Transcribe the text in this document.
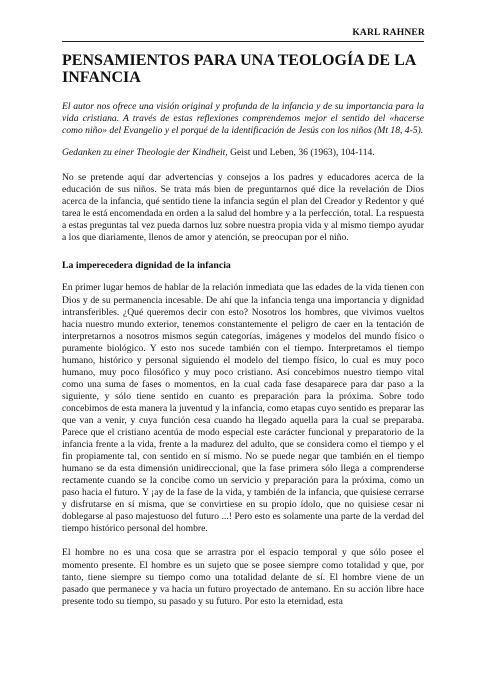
KARL RAHNER
PENSAMIENTOS PARA UNA TEOLOGÍA DE LA INFANCIA

El autor nos ofrece una visión original y profunda de la infancia y de su importancia para la vida cristiana. A través de estas reflexiones comprendemos mejor el sentido del «hacerse como niño» del Evangelio y el porqué de la identificación de Jesús con los niños (Mt 18, 4-5).

Gedanken zu einer Theologie der Kindheit, Geist und Leben, 36 (1963), 104-114.

No se pretende aquí dar advertencias y consejos a los padres y educadores acerca de la educación de sus niños. Se trata más bien de preguntarnos qué dice la revelación de Dios acerca de la infancia, qué sentido tiene la infancia según el plan del Creador y Redentor y qué tarea le está encomendada en orden a la salud del hombre y a la perfección, total. La respuesta a estas preguntas tal vez pueda darnos luz sobre nuestra propia vida y al mismo tiempo ayudar a los que diariamente, llenos de amor y atención, se preocupan por el niño.

La imperecedera dignidad de la infancia

En primer lugar hemos de hablar de la relación inmediata que las edades de la vida tienen con Dios y de su permanencia incesable. De ahí que la infancia tenga una importancia y dignidad intransferibles. ¿Qué queremos decir con esto? Nosotros los hombres, que vivimos vueltos hacia nuestro mundo exterior, tenemos constantemente el peligro de caer en la tentación de interpretarnos a nosotros mismos según categorías, imágenes y modelos del mundo físico o puramente biológico. Y esto nos sucede también con el tiempo. Interpretamos el tiempo humano, histórico y personal siguiendo el modelo del tiempo físico, lo cual es muy poco humano, muy poco filosófico y muy poco cristiano. Así concebimos nuestro tiempo vital como una suma de fases o momentos, en la cual cada fase desaparece para dar paso a la siguiente, y sólo tiene sentido en cuanto es preparación para la próxima. Sobre todo concebimos de esta manera la juventud y la infancia, como etapas cuyo sentido es preparar las que van a venir, y cuya función cesa cuando ha llegado aquella para la cual se preparaba. Parece que el cristiano acentúa de modo especial este carácter funcional y preparatorio de la infancia frente a la vida, frente a la madurez del adulto, que se considera como el tiempo y el fin propiamente tal, con sentido en sí mismo. No se puede negar que también en el tiempo humano se da esta dimensión unidireccional, que la fase primera sólo llega a comprenderse rectamente cuando se la concibe como un servicio y preparación para la próxima, como un paso hacia el futuro. Y ¡ay de la fase de la vida, y también de la infancia, que quisiese cerrarse y disfrutarse en sí misma, que se convirtiese en su propio ídolo, que no quisiese cesar ni doblegarse al paso majestuoso del futuro ...! Pero esto es solamente una parte de la verdad del tiempo histórico personal del hombre.

El hombre no es una cosa que se arrastra por el espacio temporal y que sólo posee el momento presente. El hombre es un sujeto que se posee siempre como totalidad y que, por tanto, tiene siempre su tiempo como una totalidad delante de sí. El hombre viene de un pasado que permanece y va hacia un futuro proyectado de antemano. En su acción libre hace presente todo su tiempo, su pasado y su futuro. Por esto la eternidad, esta
